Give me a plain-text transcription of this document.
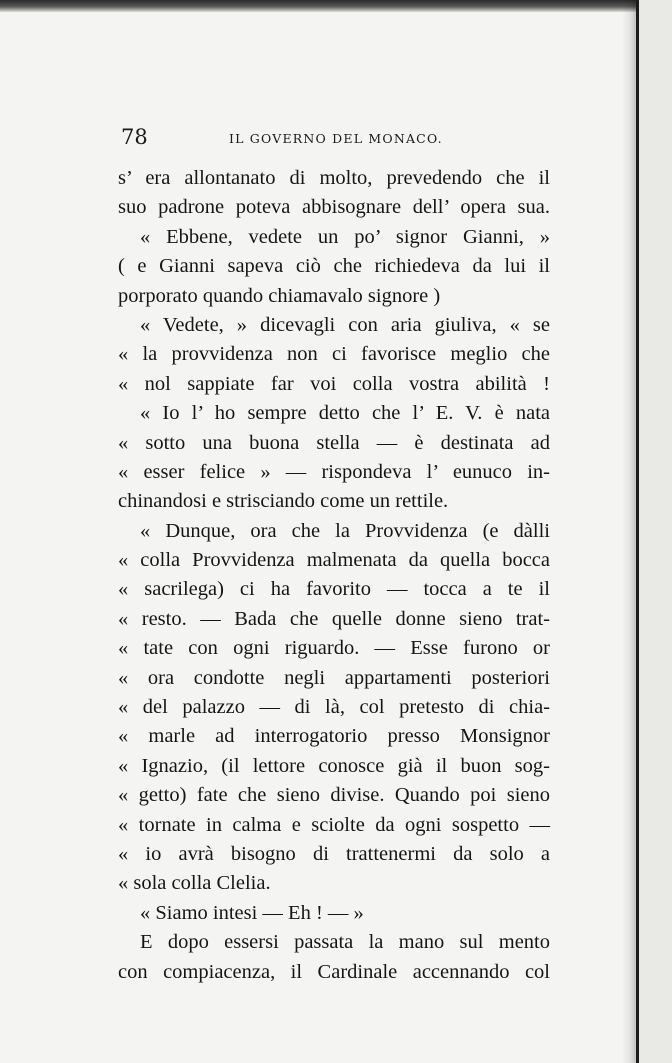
78	IL GOVERNO DEL MONACO.
s’ era allontanato di molto, prevedendo che il
suo padrone poteva abbisognare dell’ opera sua.
« Ebbene, vedete un po’ signor Gianni, »
( e Gianni sapeva ciò che richiedeva da lui il
porporato quando chiamavalo signore )
« Vedete, » dicevagli con aria giuliva, « se
« la provvidenza non ci favorisce meglio che
« nol sappiate far voi colla vostra abilità !
« Io l’ ho sempre detto che l’ E. V. è nata
« sotto una buona stella — è destinata ad
« esser felice » — rispondeva l’ eunuco in-
chinandosi e strisciando come un rettile.
« Dunque, ora che la Provvidenza (e dàlli
« colla Provvidenza malmenata da quella bocca
« sacrilega) ci ha favorito — tocca a te il
« resto. — Bada che quelle donne sieno trat-
« tate con ogni riguardo. — Esse furono or
« ora condotte negli appartamenti posteriori
« del palazzo — di là, col pretesto di chia-
« marle ad interrogatorio presso Monsignor
« Ignazio, (il lettore conosce già il buon sog-
« getto) fate che sieno divise. Quando poi sieno
« tornate in calma e sciolte da ogni sospetto —
« io avrà bisogno di trattenermi da solo a
« sola colla Clelia.
« Siamo intesi — Eh ! — »
E dopo essersi passata la mano sul mento
con compiacenza, il Cardinale accennando col
